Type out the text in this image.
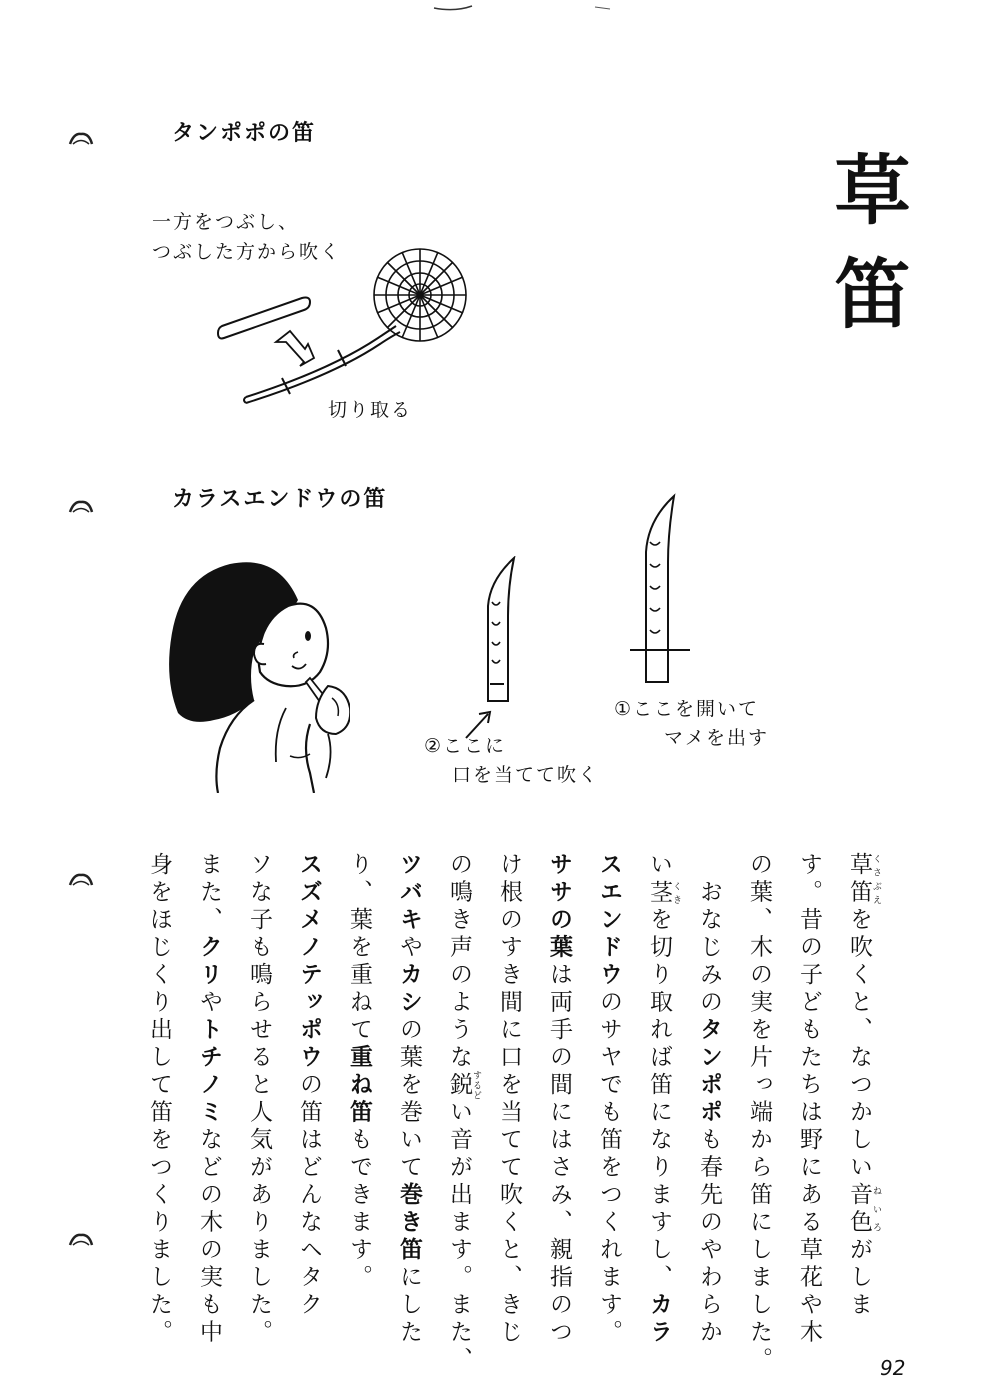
草笛
タンポポの笛
一方をつぶし、
つぶした方から吹く
切り取る
カラスエンドウの笛
①ここを開いて
マメを出す
②ここに
口を当てて吹く
草笛 くさぶえを吹くと、なつかしい音色 ねいろがしま
す。昔の子どもたちは野にある草花や木
の葉、木の実を片っ端から笛にしました。
　おなじみのタンポポも春先のやわらか
い茎 くきを切り取れば笛になりますし、カラ
スエンドウのサヤでも笛をつくれます。
ササの葉は両手の間にはさみ、親指のつ
け根のすき間に口を当てて吹くと、きじ
の鳴き声のような鋭 するどい音が出ます。また、
ツバキやカシの葉を巻いて巻き笛にした
り、葉を重ねて重ね笛もできます。
スズメノテッポウの笛はどんなヘタク
ソな子も鳴らせると人気がありました。
また、クリやトチノミなどの木の実も中
身をほじくり出して笛をつくりました。
92
